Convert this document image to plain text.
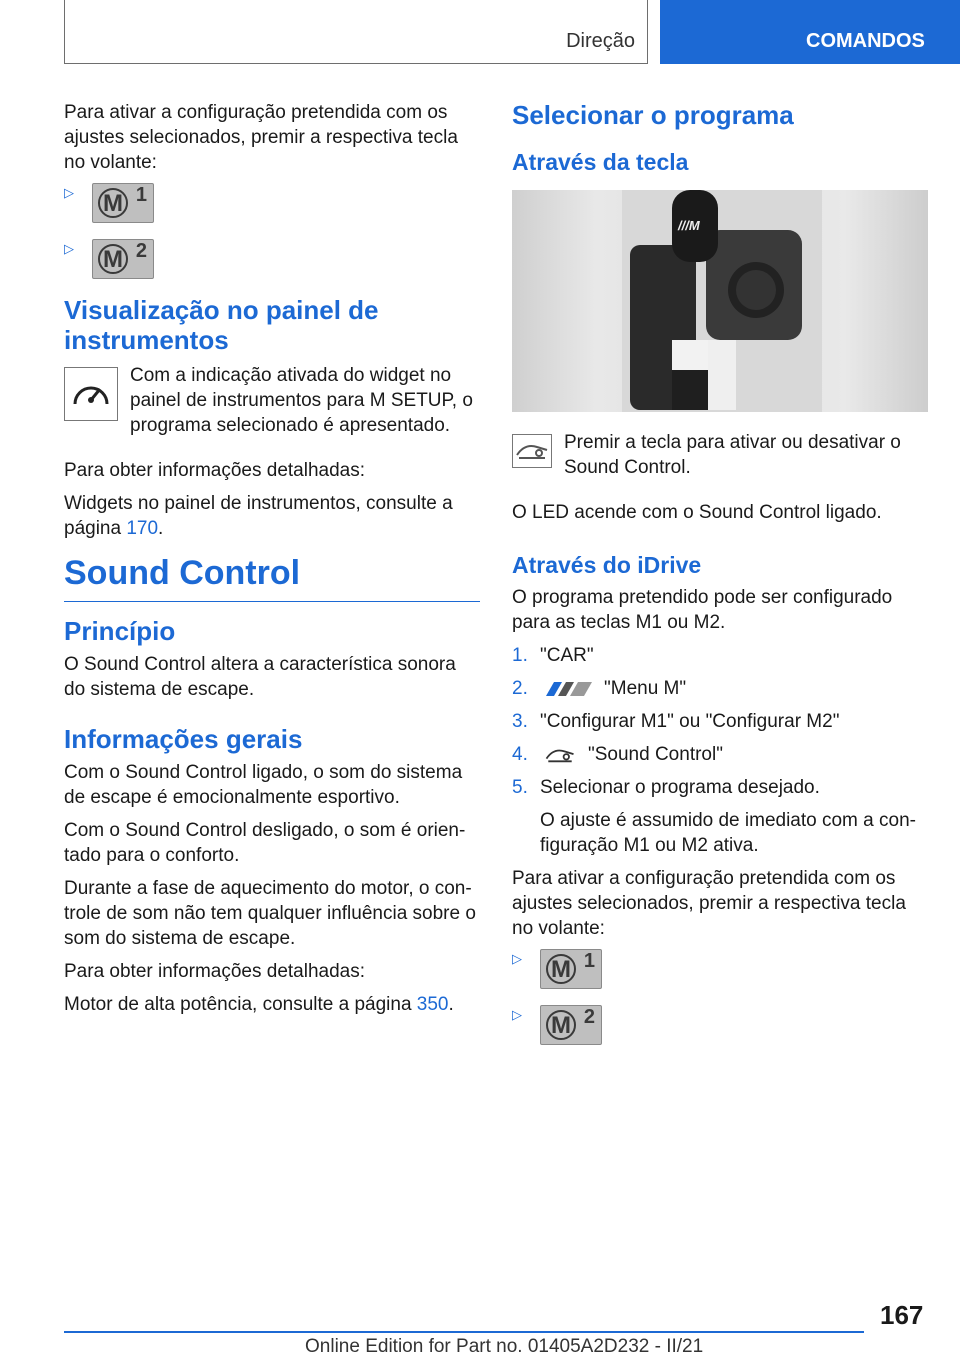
Direção	COMANDOS

Para ativar a configuração pretendida com os ajustes selecionados, premir a respectiva tecla no volante:

▷	M 1
▷	M 2
Visualização no painel de instrumentos

Com a indicação ativada do widget no painel de instrumentos para M SETUP, o programa selecionado é apresentado.

Para obter informações detalhadas:

Widgets no painel de instrumentos, consulte a página 170.

Sound Control
Princípio

O Sound Control altera a característica sonora do sistema de escape.

Informações gerais

Com o Sound Control ligado, o som do sistema de escape é emocionalmente esportivo.

Com o Sound Control desligado, o som é orientado para o conforto.

Durante a fase de aquecimento do motor, o controle de som não tem qualquer influência sobre o som do sistema de escape.

Para obter informações detalhadas:

Motor de alta potência, consulte a página 350.

Selecionar o programa
Através da tecla
///M

Premir a tecla para ativar ou desativar o Sound Control.

O LED acende com o Sound Control ligado.

Através do iDrive

O programa pretendido pode ser configurado para as teclas M1 ou M2.

1. "CAR"
2.	"Menu M"
3. "Configurar M1" ou "Configurar M2"
4.	"Sound Control"
5. Selecionar o programa desejado.

O ajuste é assumido de imediato com a configuração M1 ou M2 ativa.

Para ativar a configuração pretendida com os ajustes selecionados, premir a respectiva tecla no volante:

▷	M 1
▷	M 2
167
Online Edition for Part no. 01405A2D232 - II/21
